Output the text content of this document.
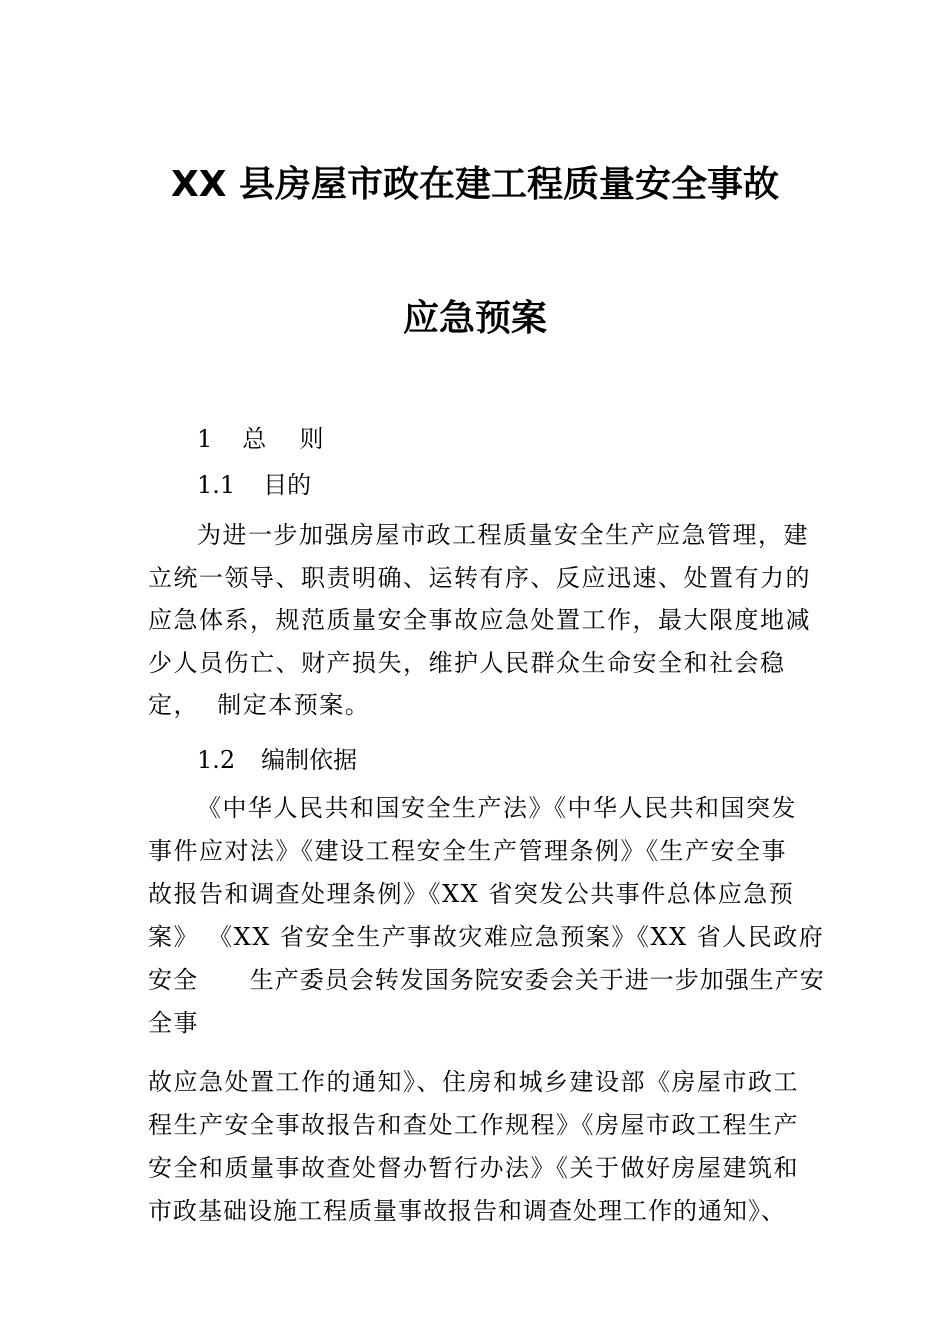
XX 县房屋市政在建工程质量安全事故
应急预案
1 总  则
1.1 目的
为进一步加强房屋市政工程质量安全生产应急管理，建
立统一领导、职责明确、运转有序、反应迅速、处置有力的
应急体系，规范质量安全事故应急处置工作，最大限度地减
少人员伤亡、财产损失，维护人民群众生命安全和社会稳
定，  制定本预案。
1.2 编制依据
《中华人民共和国安全生产法》《中华人民共和国突发
事件应对法》《建设工程安全生产管理条例》《生产安全事
故报告和调查处理条例》《XX 省突发公共事件总体应急预
案》 《XX 省安全生产事故灾难应急预案》《XX 省人民政府
安全      生产委员会转发国务院安委会关于进一步加强生产安
全事
故应急处置工作的通知》、住房和城乡建设部《房屋市政工
程生产安全事故报告和查处工作规程》《房屋市政工程生产
安全和质量事故查处督办暂行办法》《关于做好房屋建筑和
市政基础设施工程质量事故报告和调查处理工作的通知》、
